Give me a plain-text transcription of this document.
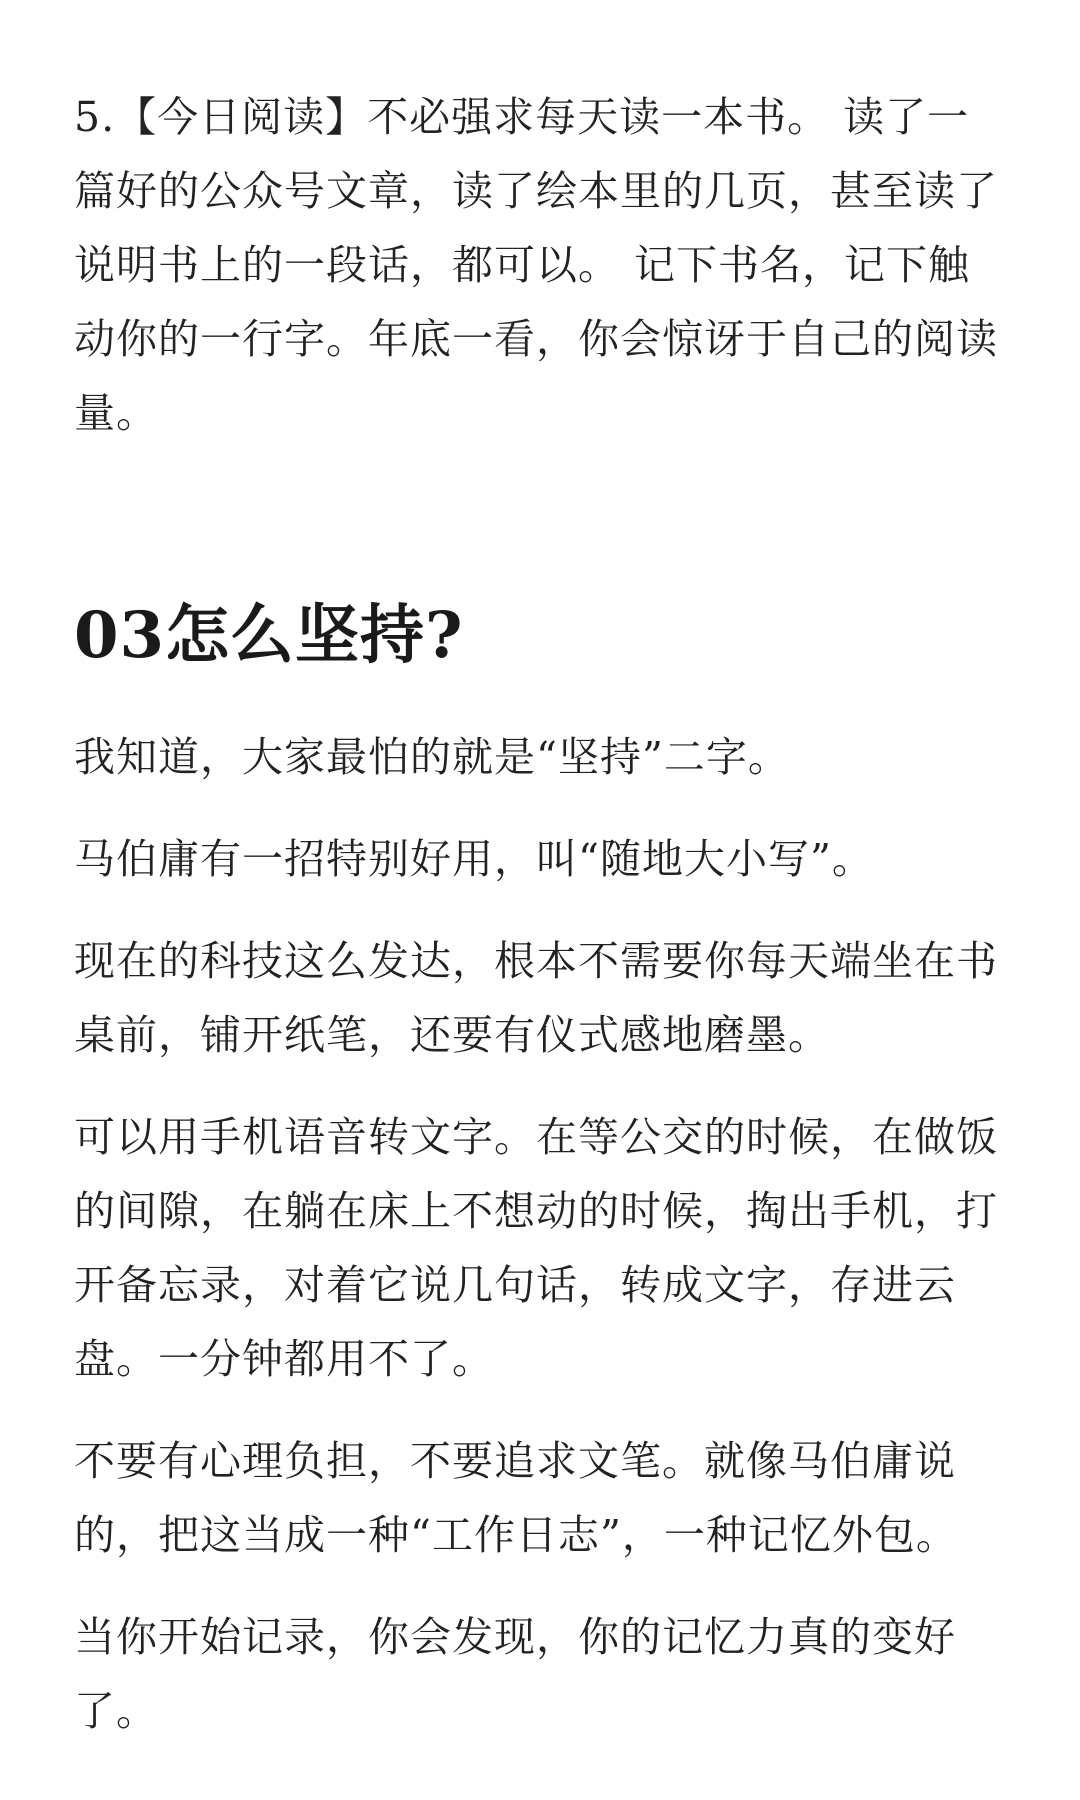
5.【今日阅读】不必强求每天读一本书。 读了一篇好的公众号文章，读了绘本里的几页，甚至读了说明书上的一段话，都可以。 记下书名，记下触动你的一行字。年底一看，你会惊讶于自己的阅读量。

03怎么坚持?

我知道，大家最怕的就是“坚持”二字。

马伯庸有一招特别好用，叫“随地大小写”。

现在的科技这么发达，根本不需要你每天端坐在书桌前，铺开纸笔，还要有仪式感地磨墨。

可以用手机语音转文字。在等公交的时候，在做饭的间隙，在躺在床上不想动的时候，掏出手机，打开备忘录，对着它说几句话，转成文字，存进云盘。一分钟都用不了。

不要有心理负担，不要追求文笔。就像马伯庸说的，把这当成一种“工作日志”，一种记忆外包。

当你开始记录，你会发现，你的记忆力真的变好了。
